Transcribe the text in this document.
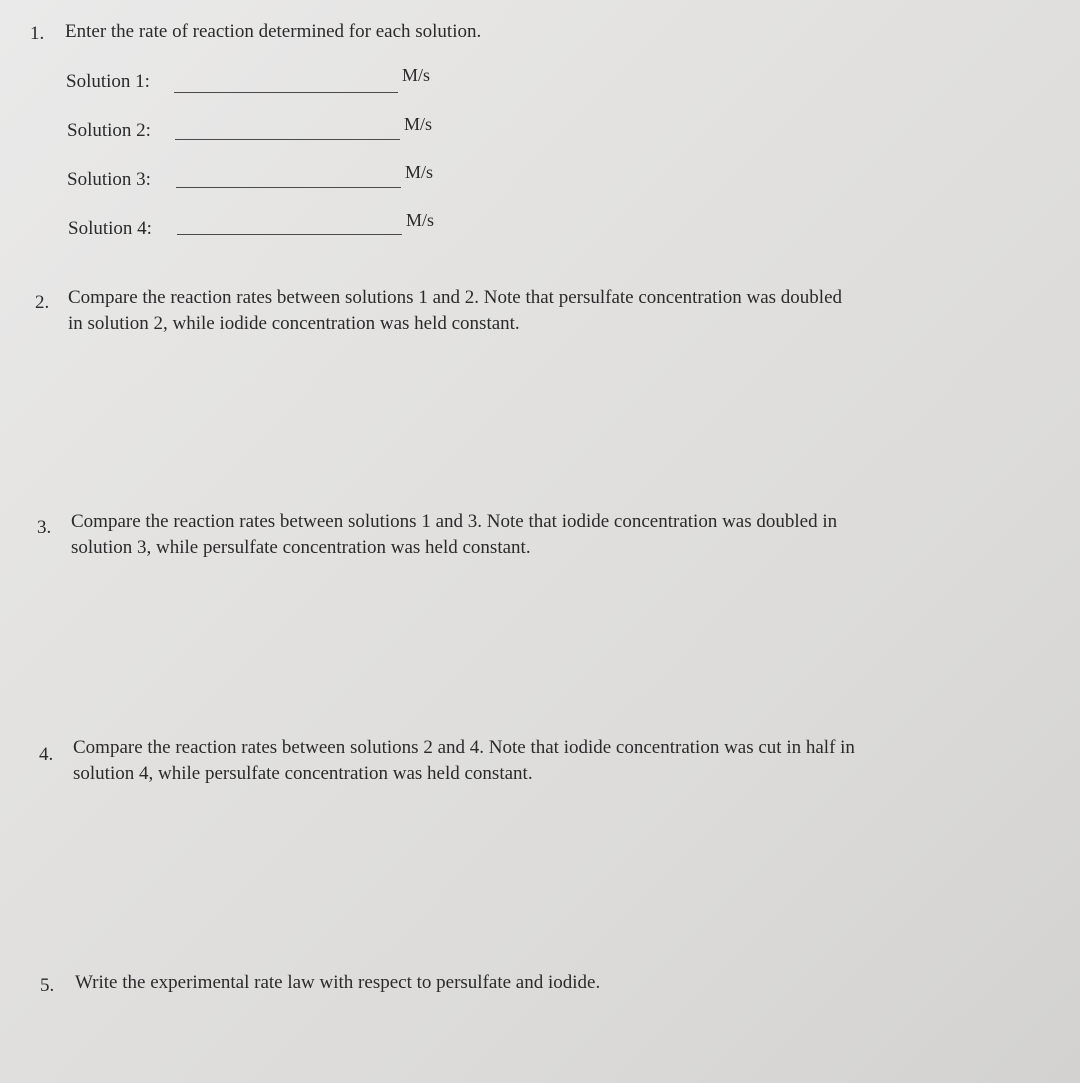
1. Enter the rate of reaction determined for each solution.
Solution 1:	M/s
Solution 2:	M/s
Solution 3:	M/s
Solution 4:	M/s
2. Compare the reaction rates between solutions 1 and 2. Note that persulfate concentration was doubled
in solution 2, while iodide concentration was held constant.
3. Compare the reaction rates between solutions 1 and 3. Note that iodide concentration was doubled in
solution 3, while persulfate concentration was held constant.
4. Compare the reaction rates between solutions 2 and 4. Note that iodide concentration was cut in half in
solution 4, while persulfate concentration was held constant.
5. Write the experimental rate law with respect to persulfate and iodide.
